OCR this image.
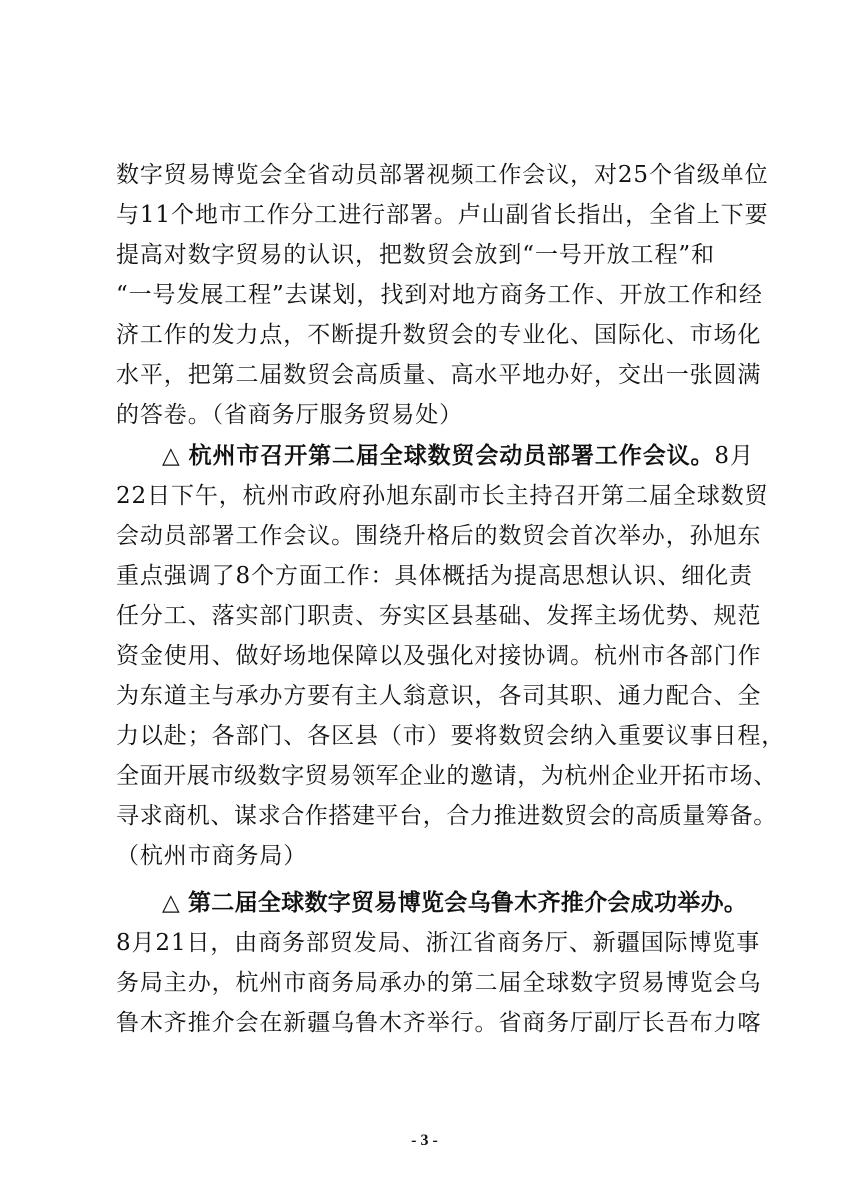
数字贸易博览会全省动员部署视频工作会议，对25个省级单位
与11个地市工作分工进行部署。卢山副省长指出，全省上下要
提高对数字贸易的认识，把数贸会放到“一号开放工程”和
“一号发展工程”去谋划，找到对地方商务工作、开放工作和经
济工作的发力点，不断提升数贸会的专业化、国际化、市场化
水平，把第二届数贸会高质量、高水平地办好，交出一张圆满
的答卷。（省商务厅服务贸易处）
△ 杭州市召开第二届全球数贸会动员部署工作会议。8月
22日下午，杭州市政府孙旭东副市长主持召开第二届全球数贸
会动员部署工作会议。围绕升格后的数贸会首次举办，孙旭东
重点强调了8个方面工作：具体概括为提高思想认识、细化责
任分工、落实部门职责、夯实区县基础、发挥主场优势、规范
资金使用、做好场地保障以及强化对接协调。杭州市各部门作
为东道主与承办方要有主人翁意识，各司其职、通力配合、全
力以赴；各部门、各区县（市）要将数贸会纳入重要议事日程，
全面开展市级数字贸易领军企业的邀请，为杭州企业开拓市场、
寻求商机、谋求合作搭建平台，合力推进数贸会的高质量筹备。
（杭州市商务局）
△ 第二届全球数字贸易博览会乌鲁木齐推介会成功举办。
8月21日，由商务部贸发局、浙江省商务厅、新疆国际博览事
务局主办，杭州市商务局承办的第二届全球数字贸易博览会乌
鲁木齐推介会在新疆乌鲁木齐举行。省商务厅副厅长吾布力喀
- 3 -
